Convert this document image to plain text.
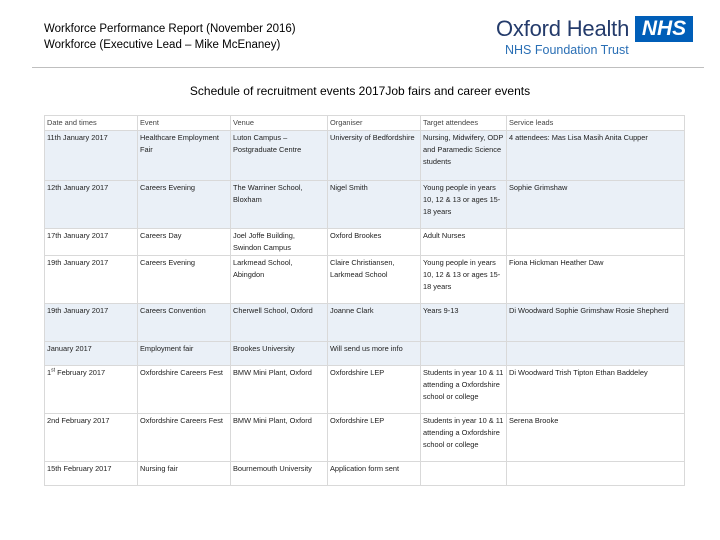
Workforce Performance Report (November 2016)
Workforce (Executive Lead – Mike McEnaney)
Oxford Health NHS
NHS Foundation Trust
Schedule of recruitment events 2017Job fairs and career events
Date and times	Event	Venue	Organiser	Target attendees	Service leads
11th January 2017	Healthcare Employment Fair	Luton Campus – Postgraduate Centre	University of Bedfordshire	Nursing, Midwifery, ODP and Paramedic Science students	4 attendees: Mas Lisa Masih Anita Cupper
12th January 2017	Careers Evening	The Warriner School, Bloxham	Nigel Smith	Young people in years 10, 12 & 13 or ages 15-18 years	Sophie Grimshaw
17th January 2017	Careers Day	Joel Joffe Building, Swindon Campus	Oxford Brookes	Adult Nurses	
19th January 2017	Careers Evening	Larkmead School, Abingdon	Claire Christiansen, Larkmead School	Young people in years 10, 12 & 13 or ages 15-18 years	Fiona Hickman Heather Daw
19th January 2017	Careers Convention	Cherwell School, Oxford	Joanne Clark	Years 9-13	Di Woodward Sophie Grimshaw Rosie Shepherd
January 2017	Employment fair	Brookes University	Will send us more info		
1st February 2017	Oxfordshire Careers Fest	BMW Mini Plant, Oxford	Oxfordshire LEP	Students in year 10 & 11 attending a Oxfordshire school or college	Di Woodward Trish Tipton Ethan Baddeley
2nd February 2017	Oxfordshire Careers Fest	BMW Mini Plant, Oxford	Oxfordshire LEP	Students in year 10 & 11 attending a Oxfordshire school or college	Serena Brooke
15th February 2017	Nursing fair	Bournemouth University	Application form sent		
